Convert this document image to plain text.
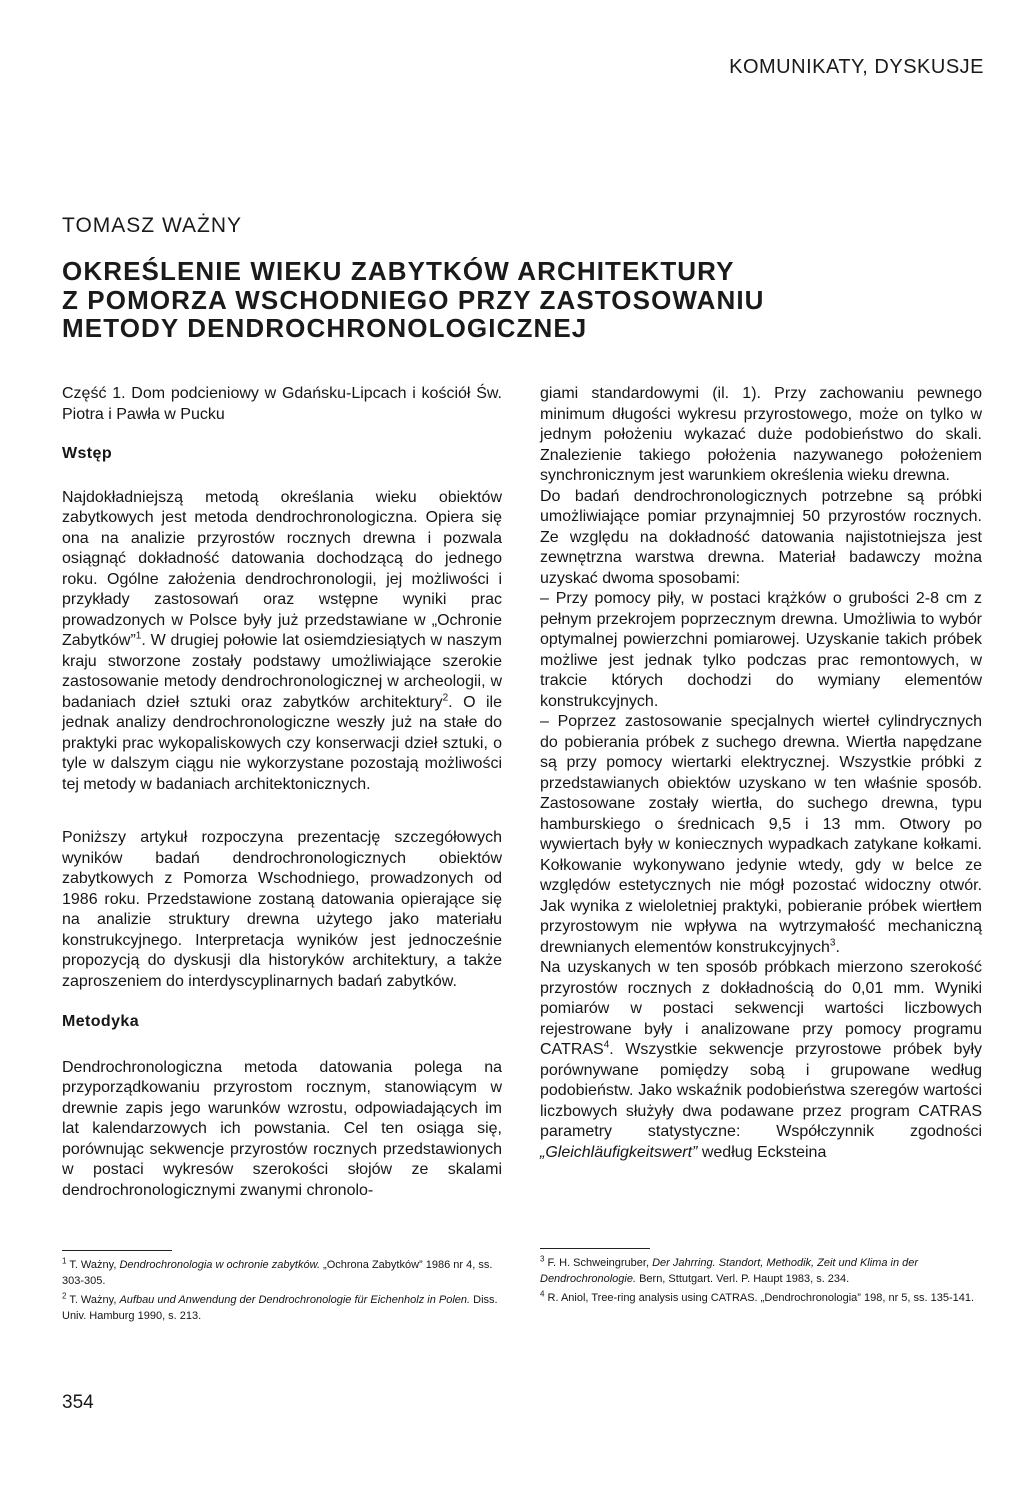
KOMUNIKATY, DYSKUSJE
TOMASZ WAŻNY
OKREŚLENIE WIEKU ZABYTKÓW ARCHITEKTURY
Z POMORZA WSCHODNIEGO PRZY ZASTOSOWANIU
METODY DENDROCHRONOLOGICZNEJ

Część 1. Dom podcieniowy w Gdańsku-Lipcach i kościół Św. Piotra i Pawła w Pucku

Wstęp

Najdokładniejszą metodą określania wieku obiektów zabytkowych jest metoda dendrochronologiczna. Opiera się ona na analizie przyrostów rocznych drewna i pozwala osiągnąć dokładność datowania dochodzącą do jednego roku. Ogólne założenia dendrochronologii, jej możliwości i przykłady zastosowań oraz wstępne wyniki prac prowadzonych w Polsce były już przedstawiane w „Ochronie Zabytków”$^1$. W drugiej połowie lat osiemdziesiątych w naszym kraju stworzone zostały podstawy umożliwiające szerokie zastosowanie metody dendrochronologicznej w archeologii, w badaniach dzieł sztuki oraz zabytków architektury$^2$. O ile jednak analizy dendrochronologiczne weszły już na stałe do praktyki prac wykopaliskowych czy konserwacji dzieł sztuki, o tyle w dalszym ciągu nie wykorzystane pozostają możliwości tej metody w badaniach architektonicznych.

Poniższy artykuł rozpoczyna prezentację szczegółowych wyników badań dendrochronologicznych obiektów zabytkowych z Pomorza Wschodniego, prowadzonych od 1986 roku. Przedstawione zostaną datowania opierające się na analizie struktury drewna użytego jako materiału konstrukcyjnego. Interpretacja wyników jest jednocześnie propozycją do dyskusji dla historyków architektury, a także zaproszeniem do interdyscyplinarnych badań zabytków.

Metodyka

Dendrochronologiczna metoda datowania polega na przyporządkowaniu przyrostom rocznym, stanowiącym w drewnie zapis jego warunków wzrostu, odpowiadających im lat kalendarzowych ich powstania. Cel ten osiąga się, porównując sekwencje przyrostów rocznych przedstawionych w postaci wykresów szerokości słojów ze skalami dendrochronologicznymi zwanymi chronolo-

giami standardowymi (il. 1). Przy zachowaniu pewnego minimum długości wykresu przyrostowego, może on tylko w jednym położeniu wykazać duże podobieństwo do skali. Znalezienie takiego położenia nazywanego położeniem synchronicznym jest warunkiem określenia wieku drewna.

Do badań dendrochronologicznych potrzebne są próbki umożliwiające pomiar przynajmniej 50 przyrostów rocznych. Ze względu na dokładność datowania najistotniejsza jest zewnętrzna warstwa drewna. Materiał badawczy można uzyskać dwoma sposobami:

– Przy pomocy piły, w postaci krążków o grubości 2-8 cm z pełnym przekrojem poprzecznym drewna. Umożliwia to wybór optymalnej powierzchni pomiarowej. Uzyskanie takich próbek możliwe jest jednak tylko podczas prac remontowych, w trakcie których dochodzi do wymiany elementów konstrukcyjnych.

– Poprzez zastosowanie specjalnych wierteł cylindrycznych do pobierania próbek z suchego drewna. Wiertła napędzane są przy pomocy wiertarki elektrycznej. Wszystkie próbki z przedstawianych obiektów uzyskano w ten właśnie sposób. Zastosowane zostały wiertła, do suchego drewna, typu hamburskiego o średnicach 9,5 i 13 mm. Otwory po wywiertach były w koniecznych wypadkach zatykane kołkami. Kołkowanie wykonywano jedynie wtedy, gdy w belce ze względów estetycznych nie mógł pozostać widoczny otwór. Jak wynika z wieloletniej praktyki, pobieranie próbek wiertłem przyrostowym nie wpływa na wytrzymałość mechaniczną drewnianych elementów konstrukcyjnych$^3$.

Na uzyskanych w ten sposób próbkach mierzono szerokość przyrostów rocznych z dokładnością do 0,01 mm. Wyniki pomiarów w postaci sekwencji wartości liczbowych rejestrowane były i analizowane przy pomocy programu CATRAS$^4$. Wszystkie sekwencje przyrostowe próbek były porównywane pomiędzy sobą i grupowane według podobieństw. Jako wskaźnik podobieństwa szeregów wartości liczbowych służyły dwa podawane przez program CATRAS parametry statystyczne: Współczynnik zgodności „Gleichläufigkeitswert” według Ecksteina

$^1$ T. Ważny, Dendrochronologia w ochronie zabytków. „Ochrona Zabytków” 1986 nr 4, ss. 303-305.

$^2$ T. Ważny, Aufbau und Anwendung der Dendrochronologie für Eichenholz in Polen. Diss. Univ. Hamburg 1990, s. 213.

$^3$ F. H. Schweingruber, Der Jahrring. Standort, Methodik, Zeit und Klima in der Dendrochronologie. Bern, Sttutgart. Verl. P. Haupt 1983, s. 234.

$^4$ R. Aniol, Tree-ring analysis using CATRAS. „Dendrochronologia” 198, nr 5, ss. 135-141.

354
